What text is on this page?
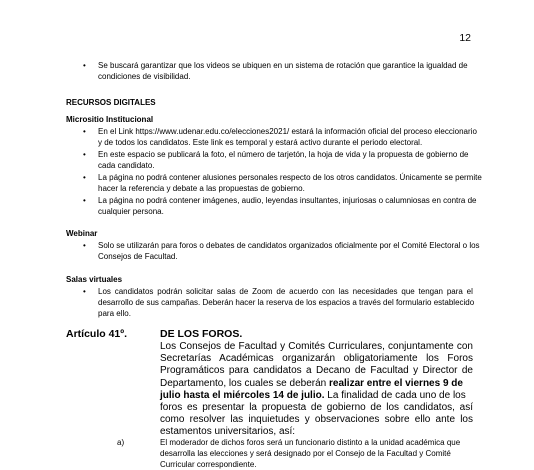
12
• Se buscará garantizar que los videos se ubiquen en un sistema de rotación que garantice la igualdad de
condiciones de visibilidad.
RECURSOS DIGITALES
Micrositio Institucional
• En el Link https://www.udenar.edu.co/elecciones2021/ estará la información oficial del proceso eleccionario
y de todos los candidatos. Este link es temporal y estará activo durante el periodo electoral.
• En este espacio se publicará la foto, el número de tarjetón, la hoja de vida y la propuesta de gobierno de
cada candidato.
• La página no podrá contener alusiones personales respecto de los otros candidatos. Únicamente se permite
hacer la referencia y debate a las propuestas de gobierno.
• La página no podrá contener imágenes, audio, leyendas insultantes, injuriosas o calumniosas en contra de
cualquier persona.
Webinar
• Solo se utilizarán para foros o debates de candidatos organizados oficialmente por el Comité Electoral o los
Consejos de Facultad.
Salas virtuales
• Los candidatos podrán solicitar salas de Zoom de acuerdo con las necesidades que tengan para el
desarrollo de sus campañas. Deberán hacer la reserva de los espacios a través del formulario establecido
para ello.
Artículo 41º.	DE LOS FOROS.
Los Consejos de Facultad y Comités Curriculares, conjuntamente con
Secretarías Académicas organizarán obligatoriamente los Foros
Programáticos para candidatos a Decano de Facultad y Director de
Departamento, los cuales se deberán realizar entre el viernes 9 de
julio hasta el miércoles 14 de julio. La finalidad de cada uno de los
foros es presentar la propuesta de gobierno de los candidatos, así
como resolver las inquietudes y observaciones sobre ello ante los
estamentos universitarios, así:
a)	El moderador de dichos foros será un funcionario distinto a la unidad académica que
desarrolla las elecciones y será designado por el Consejo de la Facultad y Comité
Curricular correspondiente.
